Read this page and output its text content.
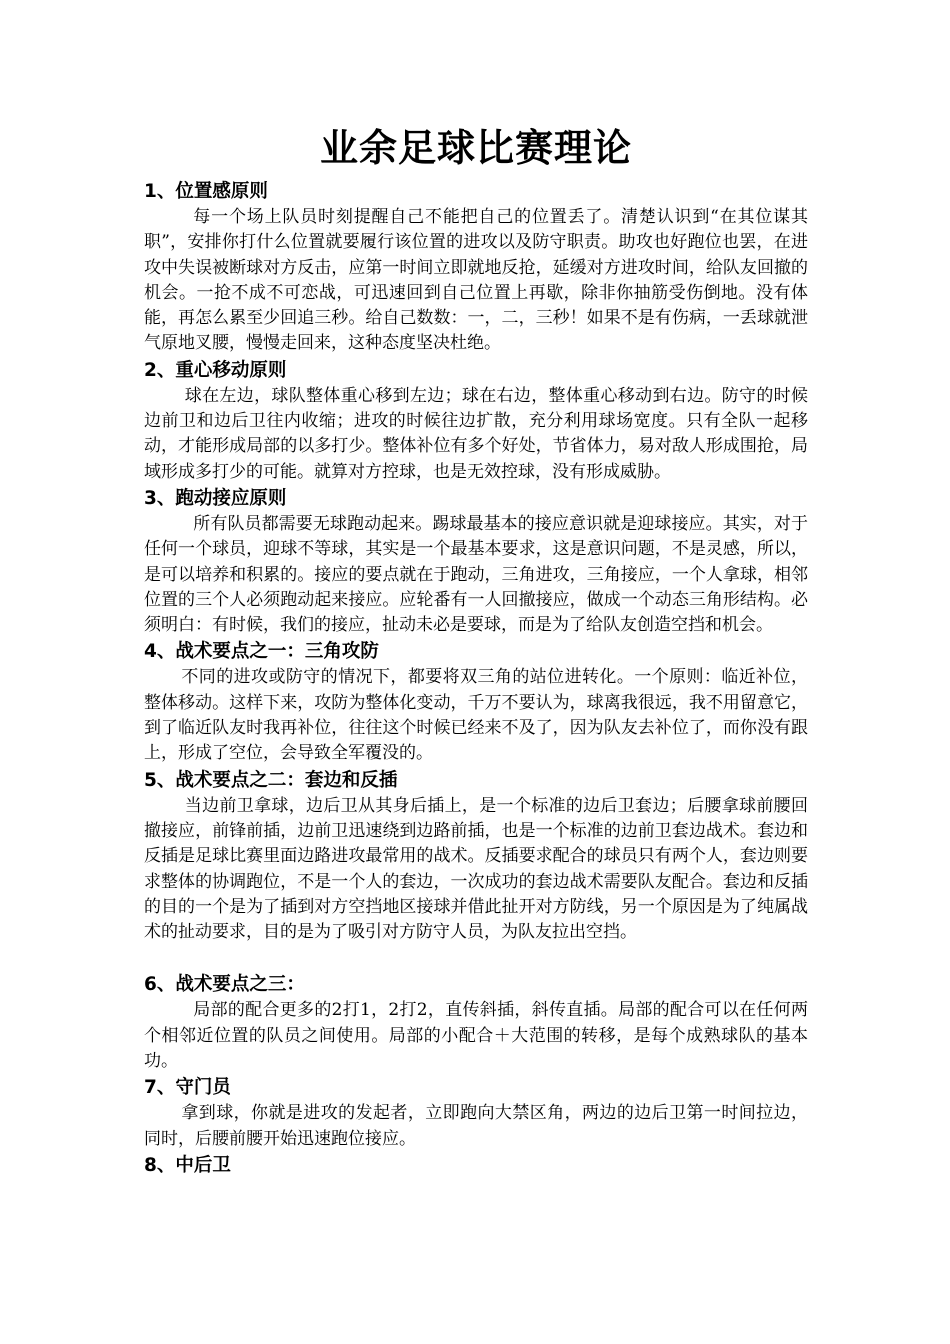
业余足球比赛理论
1、位置感原则

每一个场上队员时刻提醒自己不能把自己的位置丢了。清楚认识到“在其位谋其职”，安排你打什么位置就要履行该位置的进攻以及防守职责。助攻也好跑位也罢，在进攻中失误被断球对方反击，应第一时间立即就地反抢，延缓对方进攻时间，给队友回撤的机会。一抢不成不可恋战，可迅速回到自己位置上再歇，除非你抽筋受伤倒地。没有体能，再怎么累至少回追三秒。给自己数数：一，二，三秒！如果不是有伤病，一丢球就泄气原地叉腰，慢慢走回来，这种态度坚决杜绝。

2、重心移动原则

球在左边，球队整体重心移到左边；球在右边，整体重心移动到右边。防守的时候边前卫和边后卫往内收缩；进攻的时候往边扩散，充分利用球场宽度。只有全队一起移动，才能形成局部的以多打少。整体补位有多个好处，节省体力，易对敌人形成围抢，局域形成多打少的可能。就算对方控球，也是无效控球，没有形成威胁。

3、跑动接应原则

所有队员都需要无球跑动起来。踢球最基本的接应意识就是迎球接应。其实，对于任何一个球员，迎球不等球，其实是一个最基本要求，这是意识问题，不是灵感，所以，是可以培养和积累的。接应的要点就在于跑动，三角进攻，三角接应，一个人拿球，相邻位置的三个人必须跑动起来接应。应轮番有一人回撤接应，做成一个动态三角形结构。必须明白：有时候，我们的接应，扯动未必是要球，而是为了给队友创造空挡和机会。

4、战术要点之一：三角攻防

不同的进攻或防守的情况下，都要将双三角的站位进转化。一个原则：临近补位，整体移动。这样下来，攻防为整体化变动，千万不要认为，球离我很远，我不用留意它，到了临近队友时我再补位，往往这个时候已经来不及了，因为队友去补位了，而你没有跟上，形成了空位，会导致全军覆没的。

5、战术要点之二：套边和反插

当边前卫拿球，边后卫从其身后插上，是一个标准的边后卫套边；后腰拿球前腰回撤接应，前锋前插，边前卫迅速绕到边路前插，也是一个标准的边前卫套边战术。套边和反插是足球比赛里面边路进攻最常用的战术。反插要求配合的球员只有两个人，套边则要求整体的协调跑位，不是一个人的套边，一次成功的套边战术需要队友配合。套边和反插的目的一个是为了插到对方空挡地区接球并借此扯开对方防线，另一个原因是为了纯属战术的扯动要求，目的是为了吸引对方防守人员，为队友拉出空挡。

6、战术要点之三：

局部的配合更多的2打1，2打2，直传斜插，斜传直插。局部的配合可以在任何两个相邻近位置的队员之间使用。局部的小配合＋大范围的转移，是每个成熟球队的基本功。

7、守门员

拿到球，你就是进攻的发起者，立即跑向大禁区角，两边的边后卫第一时间拉边，同时，后腰前腰开始迅速跑位接应。

8、中后卫
